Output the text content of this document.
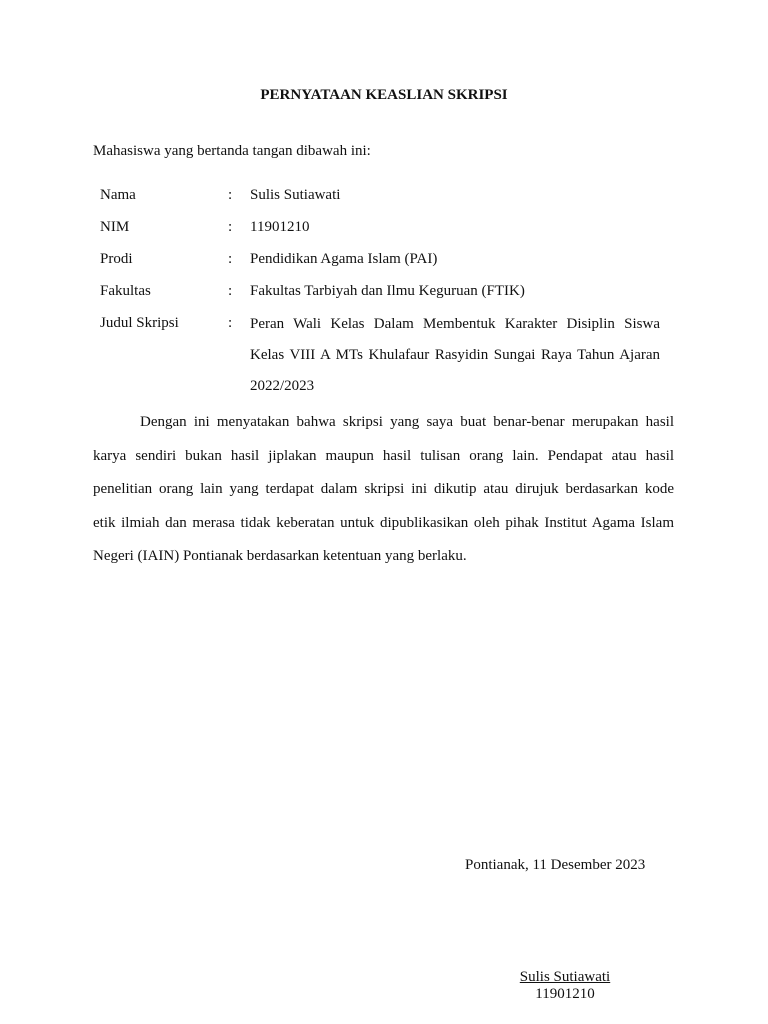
PERNYATAAN KEASLIAN SKRIPSI
Mahasiswa yang bertanda tangan dibawah ini:
Nama	: Sulis Sutiawati
NIM	: 11901210
Prodi	: Pendidikan Agama Islam (PAI)
Fakultas	: Fakultas Tarbiyah dan Ilmu Keguruan (FTIK)
Judul Skripsi	: Peran Wali Kelas Dalam Membentuk Karakter Disiplin Siswa
Kelas VIII A MTs Khulafaur Rasyidin Sungai Raya Tahun Ajaran
2022/2023
Dengan ini menyatakan bahwa skripsi yang saya buat benar-benar merupakan hasil
karya sendiri bukan hasil jiplakan maupun hasil tulisan orang lain. Pendapat atau hasil
penelitian orang lain yang terdapat dalam skripsi ini dikutip atau dirujuk berdasarkan kode
etik ilmiah dan merasa tidak keberatan untuk dipublikasikan oleh pihak Institut Agama Islam
Negeri (IAIN) Pontianak berdasarkan ketentuan yang berlaku.
Pontianak, 11 Desember 2023
Sulis Sutiawati
11901210
